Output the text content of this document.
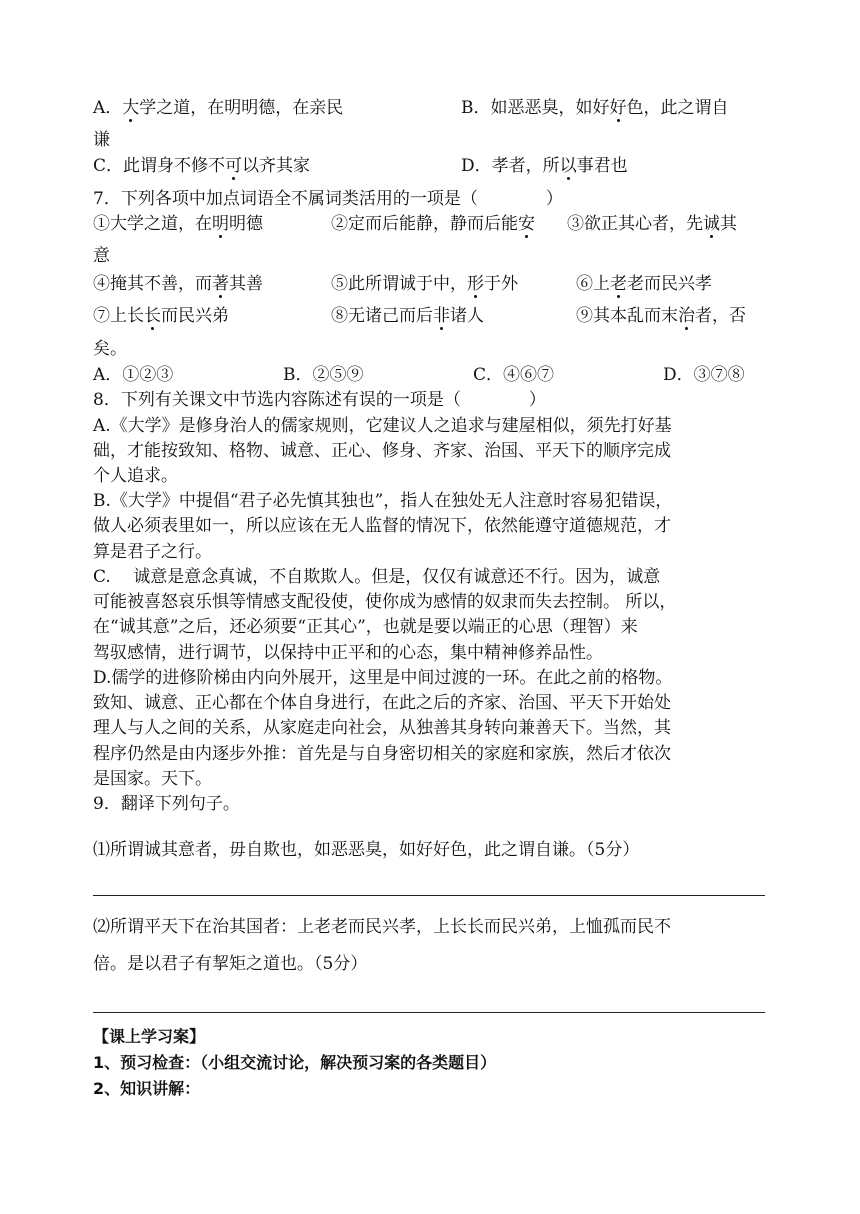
A．大学之道，在明明德，在亲民	B．如恶恶臭，如好好色，此之谓自
谦
C．此谓身不修不可以齐其家	D．孝者，所以事君也
7．下列各项中加点词语全不属词类活用的一项是（　　　　）
①大学之道，在明明德	②定而后能静，静而后能安	③欲正其心者，先诚其
意
④掩其不善，而著其善	⑤此所谓诚于中，形于外	⑥上老老而民兴孝
⑦上长长而民兴弟	⑧无诸己而后非诸人	⑨其本乱而末治者，否
矣。
A．①②③	B．②⑤⑨	C．④⑥⑦	D．③⑦⑧
8．下列有关课文中节选内容陈述有误的一项是（　　　　）
A.《大学》是修身治人的儒家规则，它建议人之追求与建屋相似，须先打好基
础，才能按致知、格物、诚意、正心、修身、齐家、治国、平天下的顺序完成
个人追求。
B.《大学》中提倡“君子必先慎其独也”，指人在独处无人注意时容易犯错误，
做人必须表里如一，所以应该在无人监督的情况下，依然能遵守道德规范，才
算是君子之行。
C.　 诚意是意念真诚，不自欺欺人。但是，仅仅有诚意还不行。因为，诚意
可能被喜怒哀乐惧等情感支配役使，使你成为感情的奴隶而失去控制。 所以，
在“诚其意”之后，还必须要“正其心”，也就是要以端正的心思（理智）来
驾驭感情，进行调节，以保持中正平和的心态，集中精神修养品性。
D.儒学的进修阶梯由内向外展开，这里是中间过渡的一环。在此之前的格物。
致知、诚意、正心都在个体自身进行，在此之后的齐家、治国、平天下开始处
理人与人之间的关系，从家庭走向社会，从独善其身转向兼善天下。当然，其
程序仍然是由内逐步外推：首先是与自身密切相关的家庭和家族，然后才依次
是国家。天下。
9．翻译下列句子。
⑴所谓诚其意者，毋自欺也，如恶恶臭，如好好色，此之谓自谦。（5分）
⑵所谓平天下在治其国者：上老老而民兴孝，上长长而民兴弟，上恤孤而民不
倍。是以君子有挈矩之道也。（5分）
【课上学习案】
1、预习检查：（小组交流讨论，解决预习案的各类题目）
2、知识讲解：
